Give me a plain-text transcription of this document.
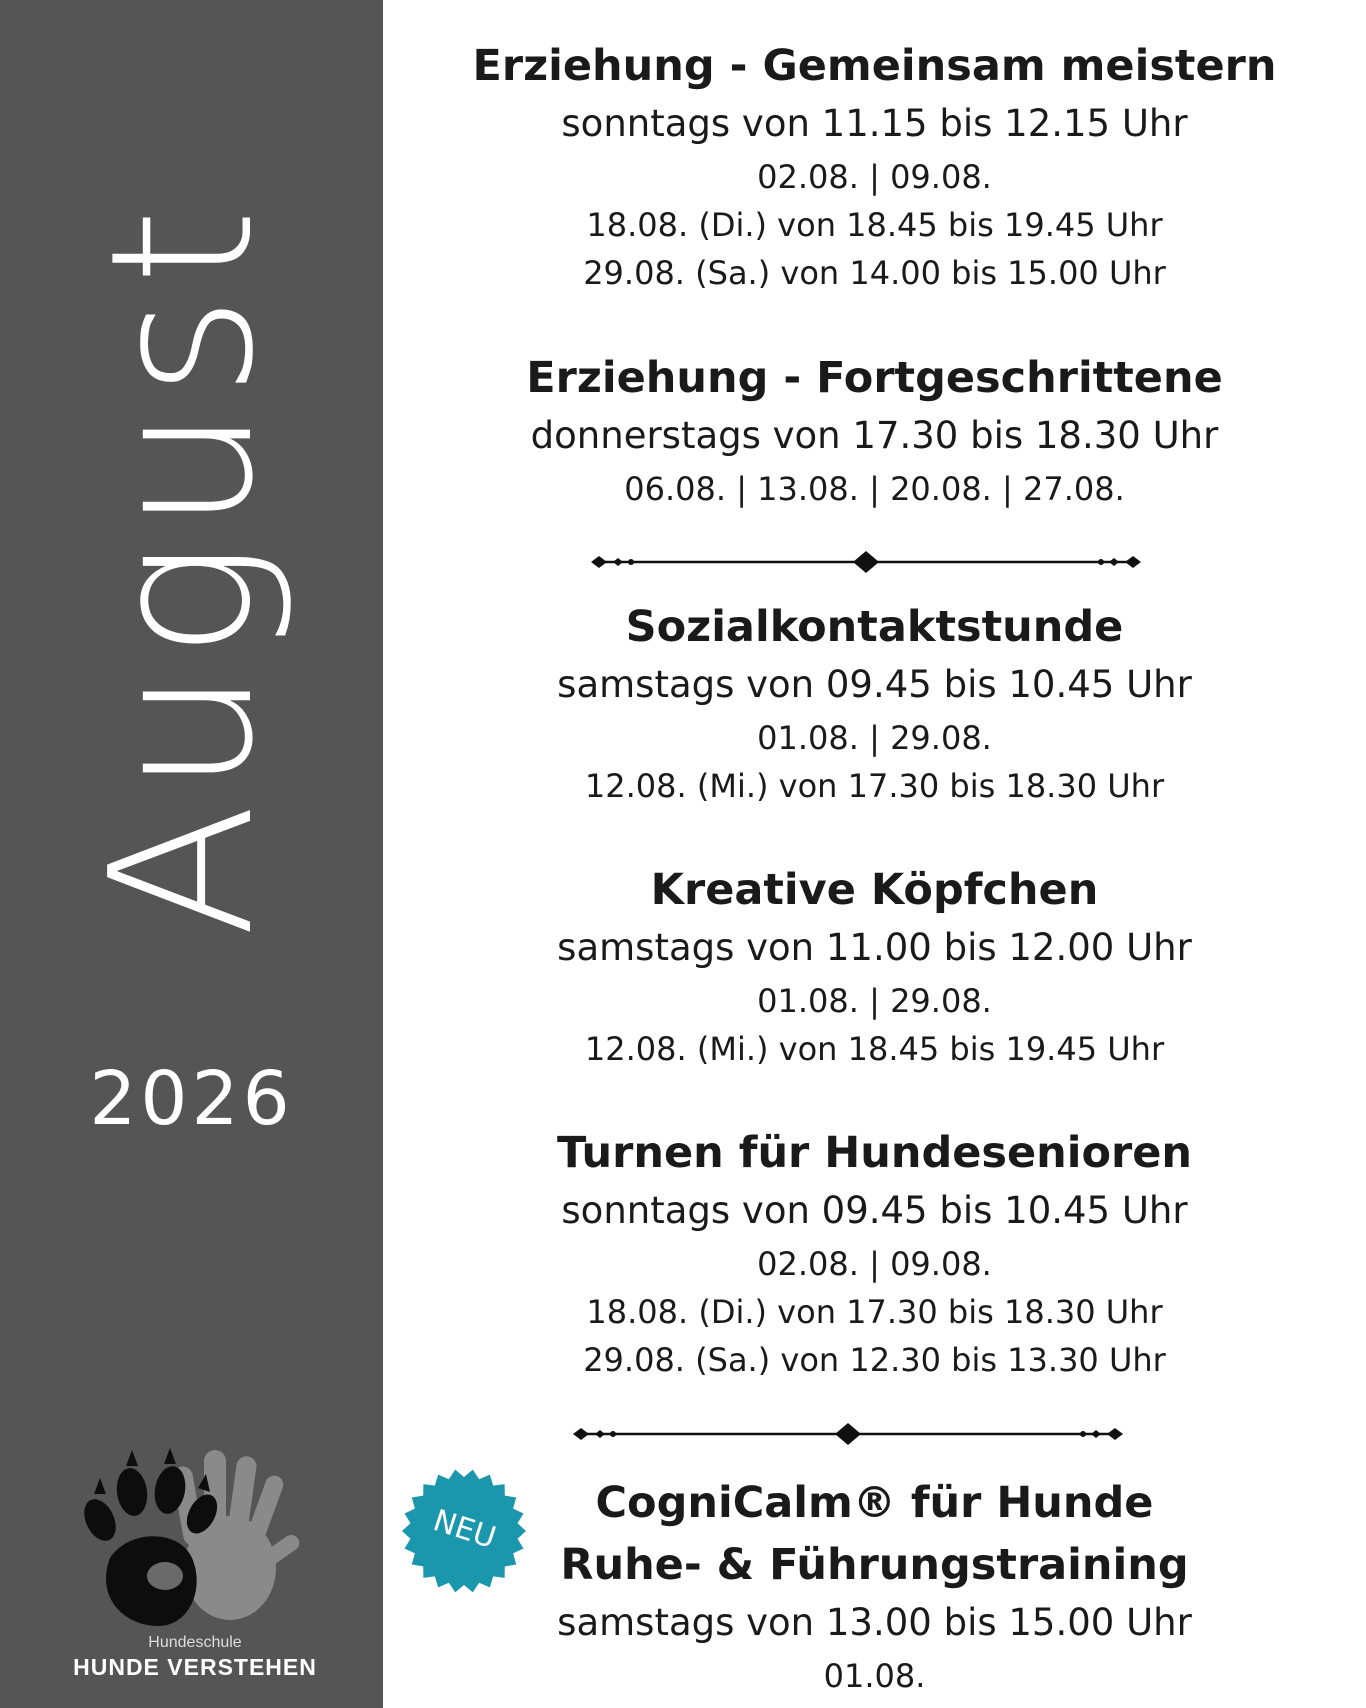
August
2026
Hundeschule
HUNDE VERSTEHEN
Erziehung - Gemeinsam meistern
sonntags von 11.15 bis 12.15 Uhr
02.08. | 09.08.
18.08. (Di.) von 18.45 bis 19.45 Uhr
29.08. (Sa.) von 14.00 bis 15.00 Uhr
Erziehung - Fortgeschrittene
donnerstags von 17.30 bis 18.30 Uhr
06.08. | 13.08. | 20.08. | 27.08.
Sozialkontaktstunde
samstags von 09.45 bis 10.45 Uhr
01.08. | 29.08.
12.08. (Mi.) von 17.30 bis 18.30 Uhr
Kreative Köpfchen
samstags von 11.00 bis 12.00 Uhr
01.08. | 29.08.
12.08. (Mi.) von 18.45 bis 19.45 Uhr
Turnen für Hundesenioren
sonntags von 09.45 bis 10.45 Uhr
02.08. | 09.08.
18.08. (Di.) von 17.30 bis 18.30 Uhr
29.08. (Sa.) von 12.30 bis 13.30 Uhr
CogniCalm® für Hunde
Ruhe- & Führungstraining
samstags von 13.00 bis 15.00 Uhr
01.08.
NEU
